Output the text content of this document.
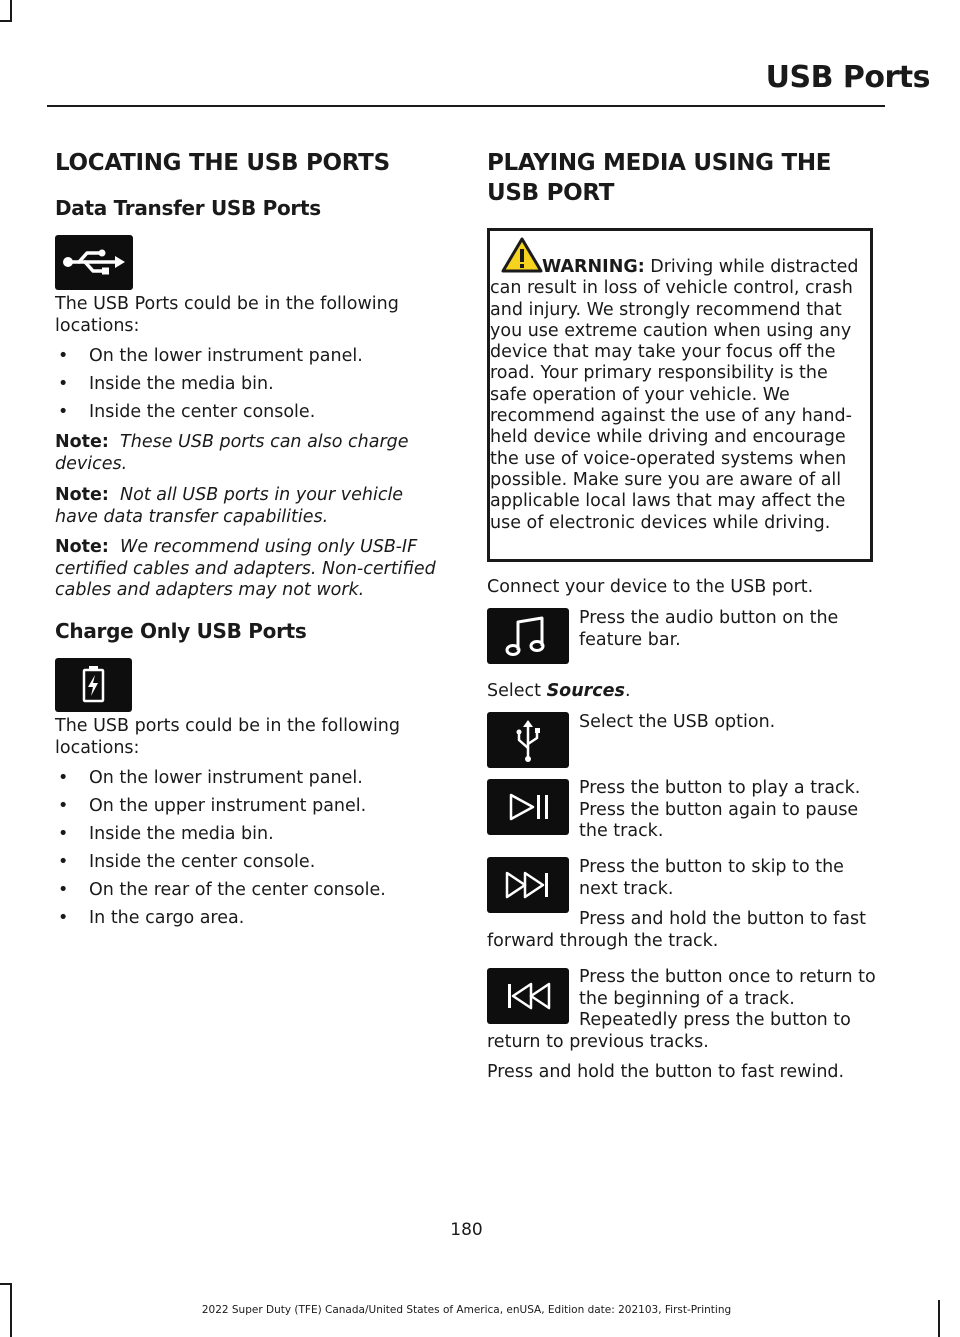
USB Ports
LOCATING THE USB PORTS
Data Transfer USB Ports

The USB Ports could be in the following locations:

• On the lower instrument panel.
• Inside the media bin.
• Inside the center console.

Note: These USB ports can also charge devices.

Note: Not all USB ports in your vehicle have data transfer capabilities.

Note: We recommend using only USB-IF certified cables and adapters. Non-certified cables and adapters may not work.

Charge Only USB Ports

The USB ports could be in the following locations:

• On the lower instrument panel.
• On the upper instrument panel.
• Inside the media bin.
• Inside the center console.
• On the rear of the center console.
• In the cargo area.
PLAYING MEDIA USING THE
USB PORT
WARNING: Driving while distracted can result in loss of vehicle control, crash and injury. We strongly recommend that you use extreme caution when using any device that may take your focus off the road. Your primary responsibility is the safe operation of your vehicle. We recommend against the use of any hand-held device while driving and encourage the use of voice-operated systems when possible. Make sure you are aware of all applicable local laws that may affect the use of electronic devices while driving.

Connect your device to the USB port.

Press the audio button on the feature bar.

Select Sources.

Select the USB option.

Press the button to play a track. Press the button again to pause the track.

Press the button to skip to the next track.

Press and hold the button to fast forward through the track.

Press the button once to return to the beginning of a track. Repeatedly press the button to return to previous tracks.

Press and hold the button to fast rewind.

180
2022 Super Duty (TFE) Canada/United States of America, enUSA, Edition date: 202103, First-Printing
